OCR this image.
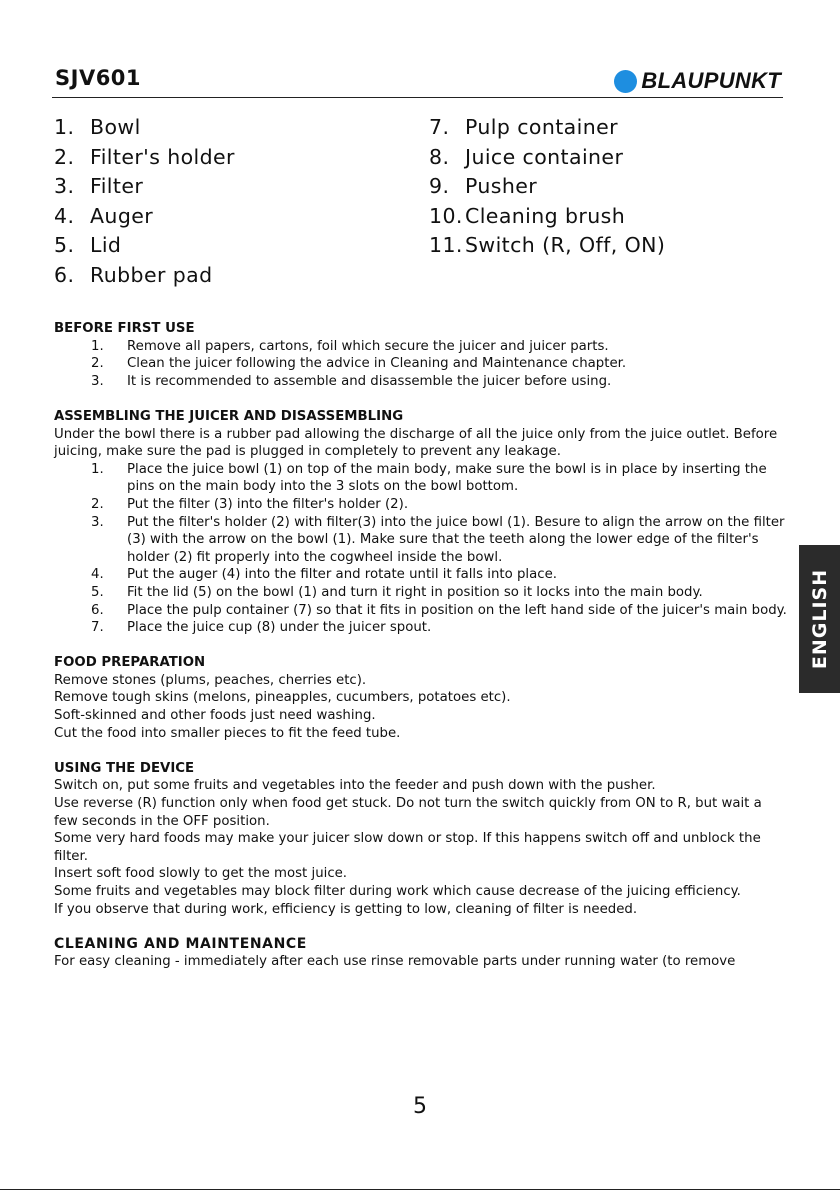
SJV601	BLAUPUNKT
1. Bowl
2. Filter's holder
3. Filter
4. Auger
5. Lid
6. Rubber pad
7. Pulp container
8. Juice container
9. Pusher
10. Cleaning brush
11. Switch (R, Off, ON)
BEFORE FIRST USE
1. Remove all papers, cartons, foil which secure the juicer and juicer parts.
2. Clean the juicer following the advice in Cleaning and Maintenance chapter.
3. It is recommended to assemble and disassemble the juicer before using.
ASSEMBLING THE JUICER AND DISASSEMBLING

Under the bowl there is a rubber pad allowing the discharge of all the juice only from the juice outlet. Before juicing, make sure the pad is plugged in completely to prevent any leakage.

1. Place the juice bowl (1) on top of the main body, make sure the bowl is in place by inserting the pins on the main body into the 3 slots on the bowl bottom.
2. Put the filter (3) into the filter's holder (2).
3. Put the filter's holder (2) with filter(3) into the juice bowl (1). Besure to align the arrow on the filter (3) with the arrow on the bowl (1). Make sure that the teeth along the lower edge of the filter's holder (2) fit properly into the cogwheel inside the bowl.
4. Put the auger (4) into the filter and rotate until it falls into place.
5. Fit the lid (5) on the bowl (1) and turn it right in position so it locks into the main body.
6. Place the pulp container (7) so that it fits in position on the left hand side of the juicer's main body.
7. Place the juice cup (8) under the juicer spout.
FOOD PREPARATION

Remove stones (plums, peaches, cherries etc).

Remove tough skins (melons, pineapples, cucumbers, potatoes etc).

Soft-skinned and other foods just need washing.

Cut the food into smaller pieces to fit the feed tube.

USING THE DEVICE

Switch on, put some fruits and vegetables into the feeder and push down with the pusher.

Use reverse (R) function only when food get stuck. Do not turn the switch quickly from ON to R, but wait a few seconds in the OFF position.

Some very hard foods may make your juicer slow down or stop. If this happens switch off and unblock the filter.

Insert soft food slowly to get the most juice.

Some fruits and vegetables may block filter during work which cause decrease of the juicing efficiency.

If you observe that during work, efficiency is getting to low, cleaning of filter is needed.

CLEANING AND MAINTENANCE

For easy cleaning - immediately after each use rinse removable parts under running water (to remove

5
ENGLISH
